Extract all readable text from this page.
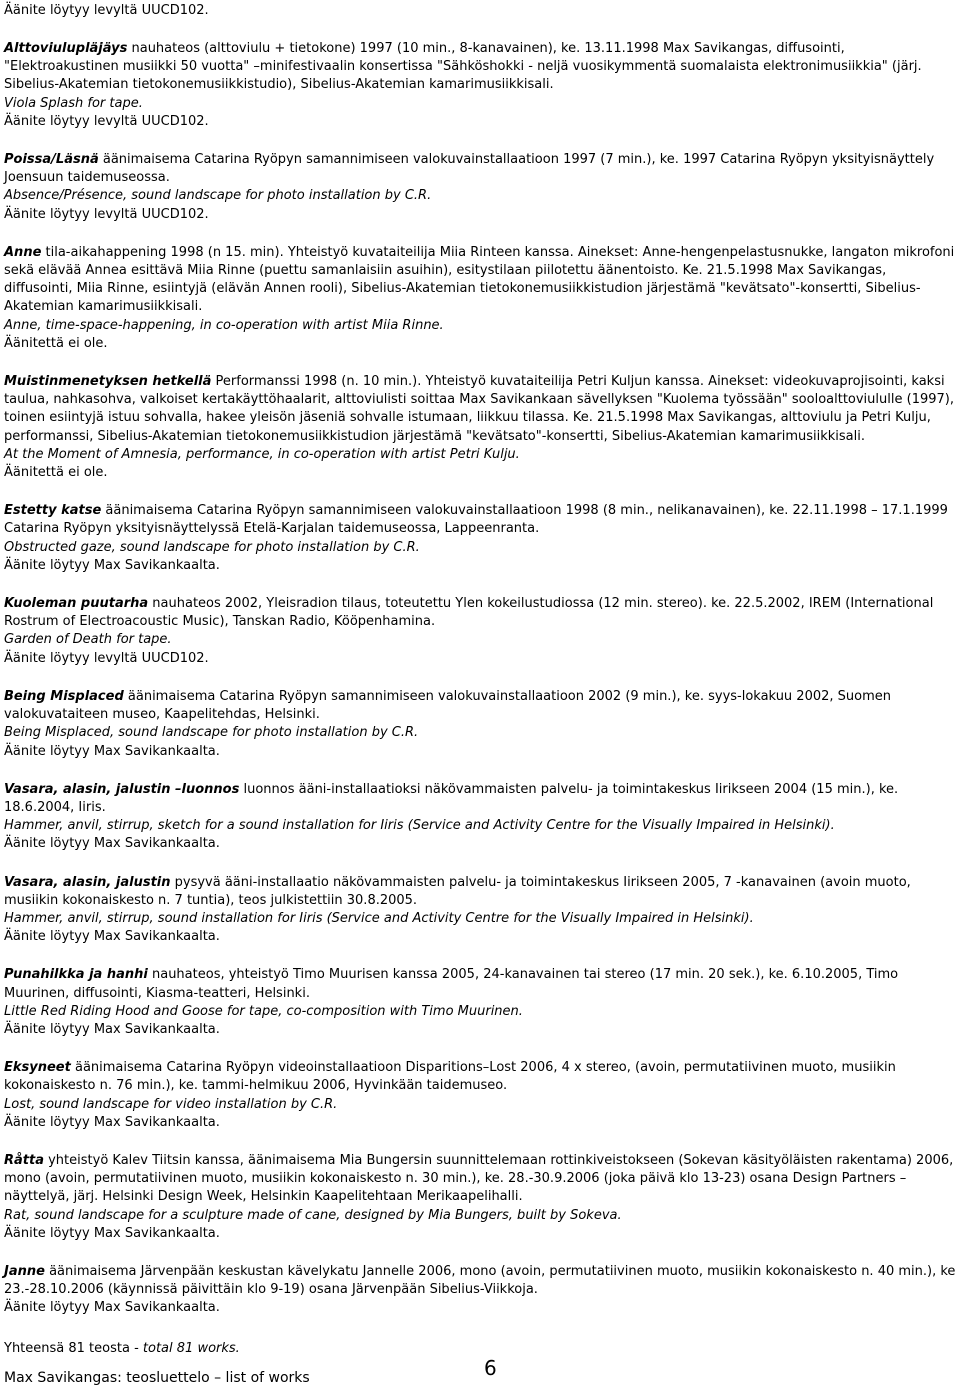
Äänite löytyy levyltä UUCD102.

Alttoviulupläjäys nauhateos (alttoviulu + tietokone) 1997 (10 min., 8-kanavainen), ke. 13.11.1998 Max Savikangas, diffusointi, "Elektroakustinen musiikki 50 vuotta" –minifestivaalin konsertissa "Sähköshokki - neljä vuosikymmentä suomalaista elektronimusiikkia" (järj. Sibelius-Akatemian tietokonemusiikkistudio), Sibelius-Akatemian kamarimusiikkisali.

Viola Splash for tape.

Äänite löytyy levyltä UUCD102.

Poissa/Läsnä äänimaisema Catarina Ryöpyn samannimiseen valokuvainstallaatioon 1997 (7 min.), ke. 1997 Catarina Ryöpyn yksityisnäyttely Joensuun taidemuseossa.

Absence/Présence, sound landscape for photo installation by C.R.

Äänite löytyy levyltä UUCD102.

Anne tila-aikahappening 1998 (n 15. min). Yhteistyö kuvataiteilija Miia Rinteen kanssa. Ainekset: Anne-hengenpelastusnukke, langaton mikrofoni sekä elävää Annea esittävä Miia Rinne (puettu samanlaisiin asuihin), esitystilaan piilotettu äänentoisto. Ke. 21.5.1998 Max Savikangas, diffusointi, Miia Rinne, esiintyjä (elävän Annen rooli), Sibelius-Akatemian tietokonemusiikkistudion järjestämä "kevätsato"-konsertti, Sibelius-Akatemian kamarimusiikkisali.

Anne, time-space-happening, in co-operation with artist Miia Rinne.

Äänitettä ei ole.

Muistinmenetyksen hetkellä Performanssi 1998 (n. 10 min.). Yhteistyö kuvataiteilija Petri Kuljun kanssa. Ainekset: videokuvaprojisointi, kaksi taulua, nahkasohva, valkoiset kertakäyttöhaalarit, alttoviulisti soittaa Max Savikankaan sävellyksen "Kuolema työssään" sooloalttoviululle (1997), toinen esiintyjä istuu sohvalla, hakee yleisön jäseniä sohvalle istumaan, liikkuu tilassa. Ke. 21.5.1998 Max Savikangas, alttoviulu ja Petri Kulju, performanssi, Sibelius-Akatemian tietokonemusiikkistudion järjestämä "kevätsato"-konsertti, Sibelius-Akatemian kamarimusiikkisali.

At the Moment of Amnesia, performance, in co-operation with artist Petri Kulju.

Äänitettä ei ole.

Estetty katse äänimaisema Catarina Ryöpyn samannimiseen valokuvainstallaatioon 1998 (8 min., nelikanavainen), ke. 22.11.1998 – 17.1.1999 Catarina Ryöpyn yksityisnäyttelyssä Etelä-Karjalan taidemuseossa, Lappeenranta.

Obstructed gaze, sound landscape for photo installation by C.R.

Äänite löytyy Max Savikankaalta.

Kuoleman puutarha nauhateos 2002, Yleisradion tilaus, toteutettu Ylen kokeilustudiossa (12 min. stereo). ke. 22.5.2002, IREM (International Rostrum of Electroacoustic Music), Tanskan Radio, Kööpenhamina.

Garden of Death for tape.

Äänite löytyy levyltä UUCD102.

Being Misplaced äänimaisema Catarina Ryöpyn samannimiseen valokuvainstallaatioon 2002 (9 min.), ke. syys-lokakuu 2002, Suomen valokuvataiteen museo, Kaapelitehdas, Helsinki.

Being Misplaced, sound landscape for photo installation by C.R.

Äänite löytyy Max Savikankaalta.

Vasara, alasin, jalustin –luonnos luonnos ääni-installaatioksi näkövammaisten palvelu- ja toimintakeskus Iirikseen 2004 (15 min.), ke. 18.6.2004, Iiris.

Hammer, anvil, stirrup, sketch for a sound installation for Iiris (Service and Activity Centre for the Visually Impaired in Helsinki).

Äänite löytyy Max Savikankaalta.

Vasara, alasin, jalustin pysyvä ääni-installaatio näkövammaisten palvelu- ja toimintakeskus Iirikseen 2005, 7 -kanavainen (avoin muoto, musiikin kokonaiskesto n. 7 tuntia), teos julkistettiin 30.8.2005.

Hammer, anvil, stirrup, sound installation for Iiris (Service and Activity Centre for the Visually Impaired in Helsinki).

Äänite löytyy Max Savikankaalta.

Punahilkka ja hanhi nauhateos, yhteistyö Timo Muurisen kanssa 2005, 24-kanavainen tai stereo (17 min. 20 sek.), ke. 6.10.2005, Timo Muurinen, diffusointi, Kiasma-teatteri, Helsinki.

Little Red Riding Hood and Goose for tape, co-composition with Timo Muurinen.

Äänite löytyy Max Savikankaalta.

Eksyneet äänimaisema Catarina Ryöpyn videoinstallaatioon Disparitions–Lost 2006, 4 x stereo, (avoin, permutatiivinen muoto, musiikin kokonaiskesto n. 76 min.), ke. tammi-helmikuu 2006, Hyvinkään taidemuseo.

Lost, sound landscape for video installation by C.R.

Äänite löytyy Max Savikankaalta.

Råtta yhteistyö Kalev Tiitsin kanssa, äänimaisema Mia Bungersin suunnittelemaan rottinkiveistokseen (Sokevan käsityöläisten rakentama) 2006, mono (avoin, permutatiivinen muoto, musiikin kokonaiskesto n. 30 min.), ke. 28.-30.9.2006 (joka päivä klo 13-23) osana Design Partners –näyttelyä, järj. Helsinki Design Week, Helsinkin Kaapelitehtaan Merikaapelihalli.

Rat, sound landscape for a sculpture made of cane, designed by Mia Bungers, built by Sokeva.

Äänite löytyy Max Savikankaalta.

Janne äänimaisema Järvenpään keskustan kävelykatu Jannelle 2006, mono (avoin, permutatiivinen muoto, musiikin kokonaiskesto n. 40 min.), ke 23.-28.10.2006 (käynnissä päivittäin klo 9-19) osana Järvenpään Sibelius-Viikkoja.

Äänite löytyy Max Savikankaalta.

Yhteensä 81 teosta - total 81 works.
6
Max Savikangas: teosluettelo – list of works
